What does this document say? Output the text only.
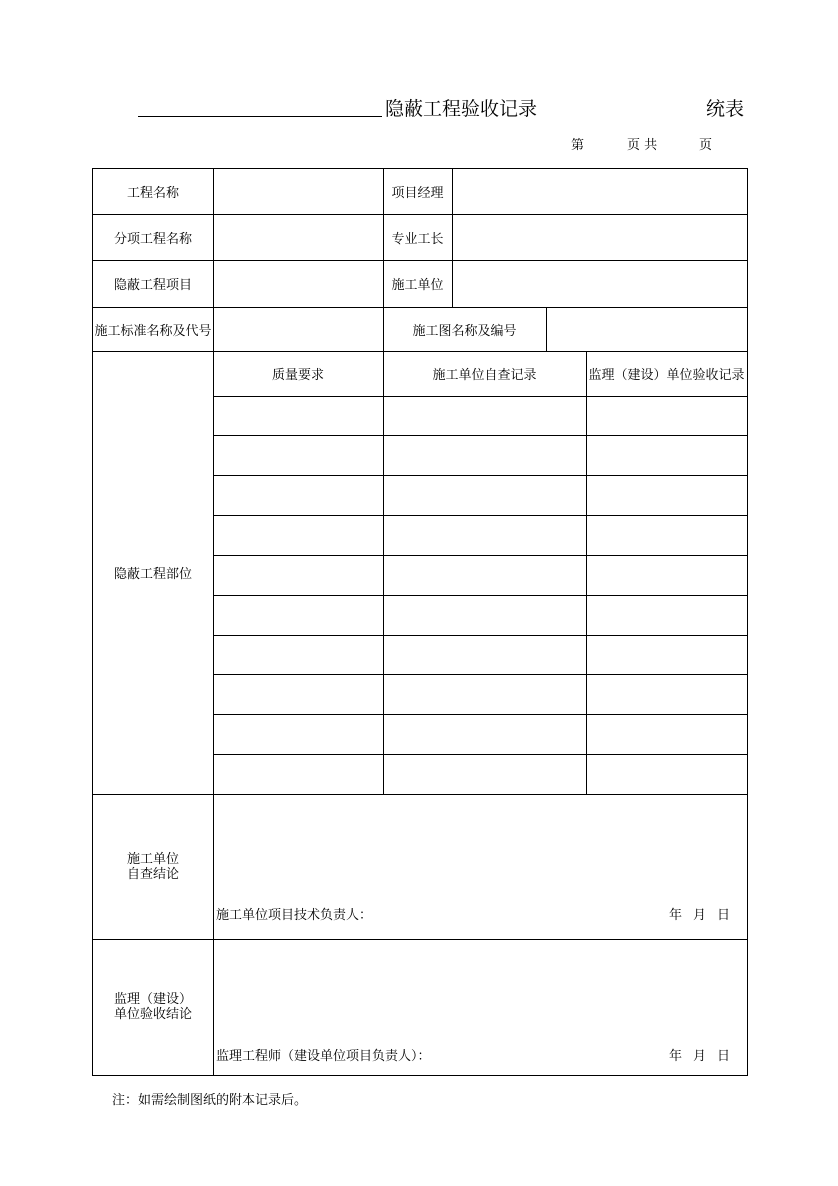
隐蔽工程验收记录	统表
第	页 共	页
工程名称	项目经理
分项工程名称	专业工长
隐蔽工程项目	施工单位
施工标准名称及代号	施工图名称及编号
隐蔽工程部位
质量要求	施工单位自查记录	监理（建设）单位验收记录
施工单位
自查结论
施工单位项目技术负责人：	年 月 日
监理（建设）
单位验收结论
监理工程师（建设单位项目负责人）：	年 月 日
注：如需绘制图纸的附本记录后。
